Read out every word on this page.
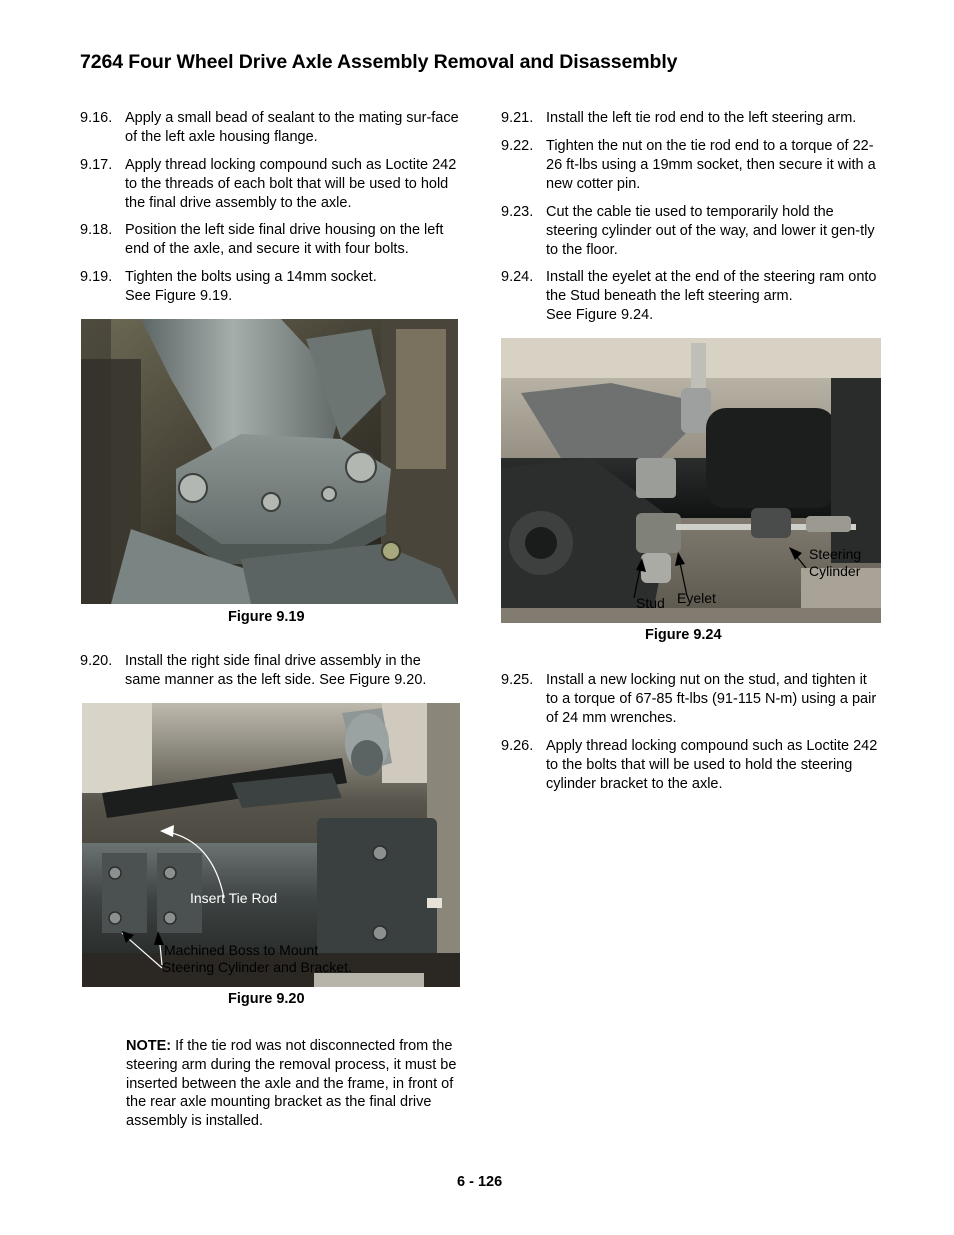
7264 Four Wheel Drive Axle Assembly Removal and Disassembly
9.16. Apply a small bead of sealant to the mating sur-face of the left axle housing flange.
9.17. Apply thread locking compound such as Loctite 242 to the threads of each bolt that will be used to hold the final drive assembly to the axle.
9.18. Position the left side final drive housing on the left end of the axle, and secure it with four bolts.
9.19. Tighten the bolts using a 14mm socket.
See Figure 9.19.
Figure 9.19
9.20. Install the right side final drive assembly in the same manner as the left side. See Figure 9.20.
Insert Tie Rod
Machined Boss to Mount
Steering Cylinder and Bracket.
Figure 9.20
NOTE: If the tie rod was not disconnected from the steering arm during the removal process, it must be inserted between the axle and the frame, in front of the rear axle mounting bracket as the final drive assembly is installed.
9.21. Install the left tie rod end to the left steering arm.
9.22. Tighten the nut on the tie rod end to a torque of 22-26 ft-lbs using a 19mm socket, then secure it with a new cotter pin.
9.23. Cut the cable tie used to temporarily hold the steering cylinder out of the way, and lower it gen-tly to the floor.
9.24. Install the eyelet at the end of the steering ram onto the Stud beneath the left steering arm.
See Figure 9.24.
Steering
Cylinder
Stud Eyelet
Figure 9.24
9.25. Install a new locking nut on the stud, and tighten it to a torque of 67-85 ft-lbs (91-115 N-m) using a pair of 24 mm wrenches.
9.26. Apply thread locking compound such as Loctite 242 to the bolts that will be used to hold the steering cylinder bracket to the axle.
6 - 126
